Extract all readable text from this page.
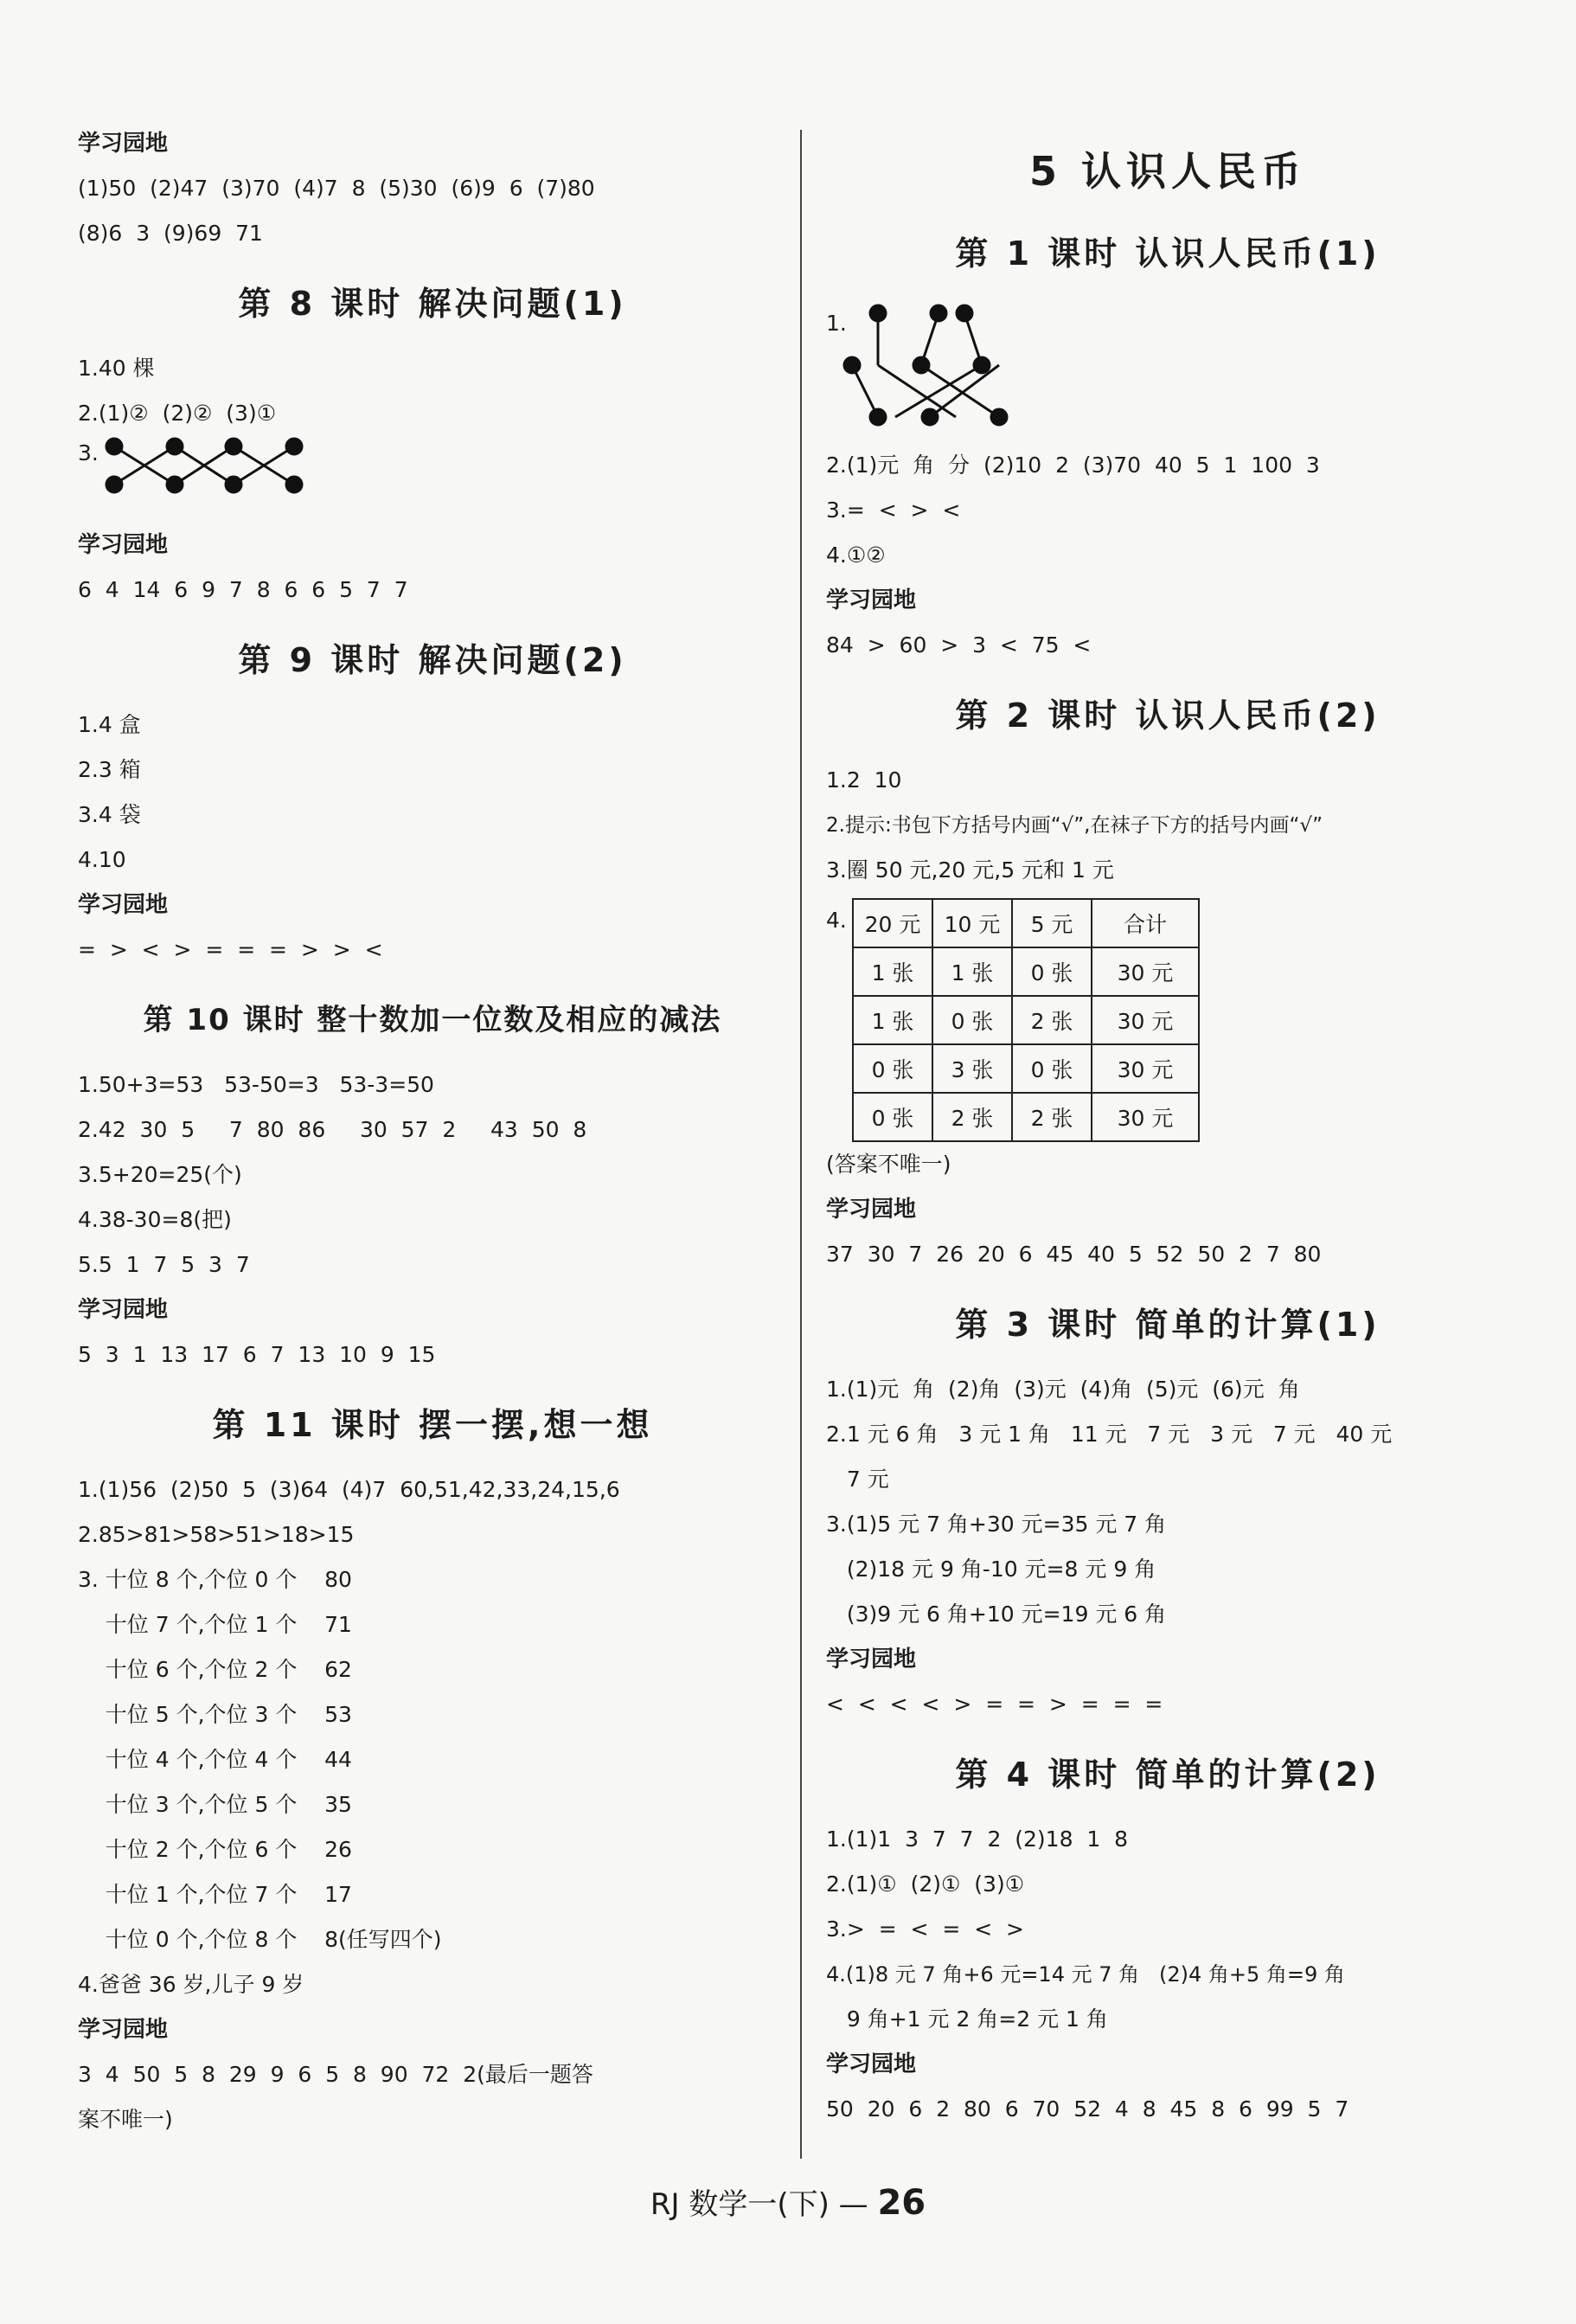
学习园地
(1)50  (2)47  (3)70  (4)7  8  (5)30  (6)9  6  (7)80
(8)6  3  (9)69  71
第 8 课时 解决问题(1)
1.40 棵
2.(1)②  (2)②  (3)①
3.
学习园地
6  4  14  6  9  7  8  6  6  5  7  7
第 9 课时 解决问题(2)
1.4 盒
2.3 箱
3.4 袋
4.10
学习园地
=  >  <  >  =  =  =  >  >  <
第 10 课时 整十数加一位数及相应的减法
1.50+3=53   53-50=3   53-3=50
2.42  30  5     7  80  86     30  57  2     43  50  8
3.5+20=25(个)
4.38-30=8(把)
5.5  1  7  5  3  7
学习园地
5  3  1  13  17  6  7  13  10  9  15
第 11 课时 摆一摆,想一想
1.(1)56  (2)50  5  (3)64  (4)7  60,51,42,33,24,15,6
2.85>81>58>51>18>15
3. 十位 8 个,个位 0 个    80
十位 7 个,个位 1 个    71
十位 6 个,个位 2 个    62
十位 5 个,个位 3 个    53
十位 4 个,个位 4 个    44
十位 3 个,个位 5 个    35
十位 2 个,个位 6 个    26
十位 1 个,个位 7 个    17
十位 0 个,个位 8 个    8(任写四个)
4.爸爸 36 岁,儿子 9 岁
学习园地
3  4  50  5  8  29  9  6  5  8  90  72  2(最后一题答
案不唯一)
5 认识人民币
第 1 课时 认识人民币(1)
1.
2.(1)元  角  分  (2)10  2  (3)70  40  5  1  100  3
3.=  <  >  <
4.①②
学习园地
84  >  60  >  3  <  75  <
第 2 课时 认识人民币(2)
1.2  10
2.提示:书包下方括号内画“√”,在袜子下方的括号内画“√”
3.圈 50 元,20 元,5 元和 1 元
4. 20 元	10 元	5 元	合计
1 张	1 张	0 张	30 元
1 张	0 张	2 张	30 元
0 张	3 张	0 张	30 元
0 张	2 张	2 张	30 元
(答案不唯一)
学习园地
37  30  7  26  20  6  45  40  5  52  50  2  7  80
第 3 课时 简单的计算(1)
1.(1)元  角  (2)角  (3)元  (4)角  (5)元  (6)元  角
2.1 元 6 角   3 元 1 角   11 元   7 元   3 元   7 元   40 元
7 元
3.(1)5 元 7 角+30 元=35 元 7 角
(2)18 元 9 角-10 元=8 元 9 角
(3)9 元 6 角+10 元=19 元 6 角
学习园地
<  <  <  <  >  =  =  >  =  =  =
第 4 课时 简单的计算(2)
1.(1)1  3  7  7  2  (2)18  1  8
2.(1)①  (2)①  (3)①
3.>  =  <  =  <  >
4.(1)8 元 7 角+6 元=14 元 7 角   (2)4 角+5 角=9 角
9 角+1 元 2 角=2 元 1 角
学习园地
50  20  6  2  80  6  70  52  4  8  45  8  6  99  5  7
RJ 数学一(下) — 26
